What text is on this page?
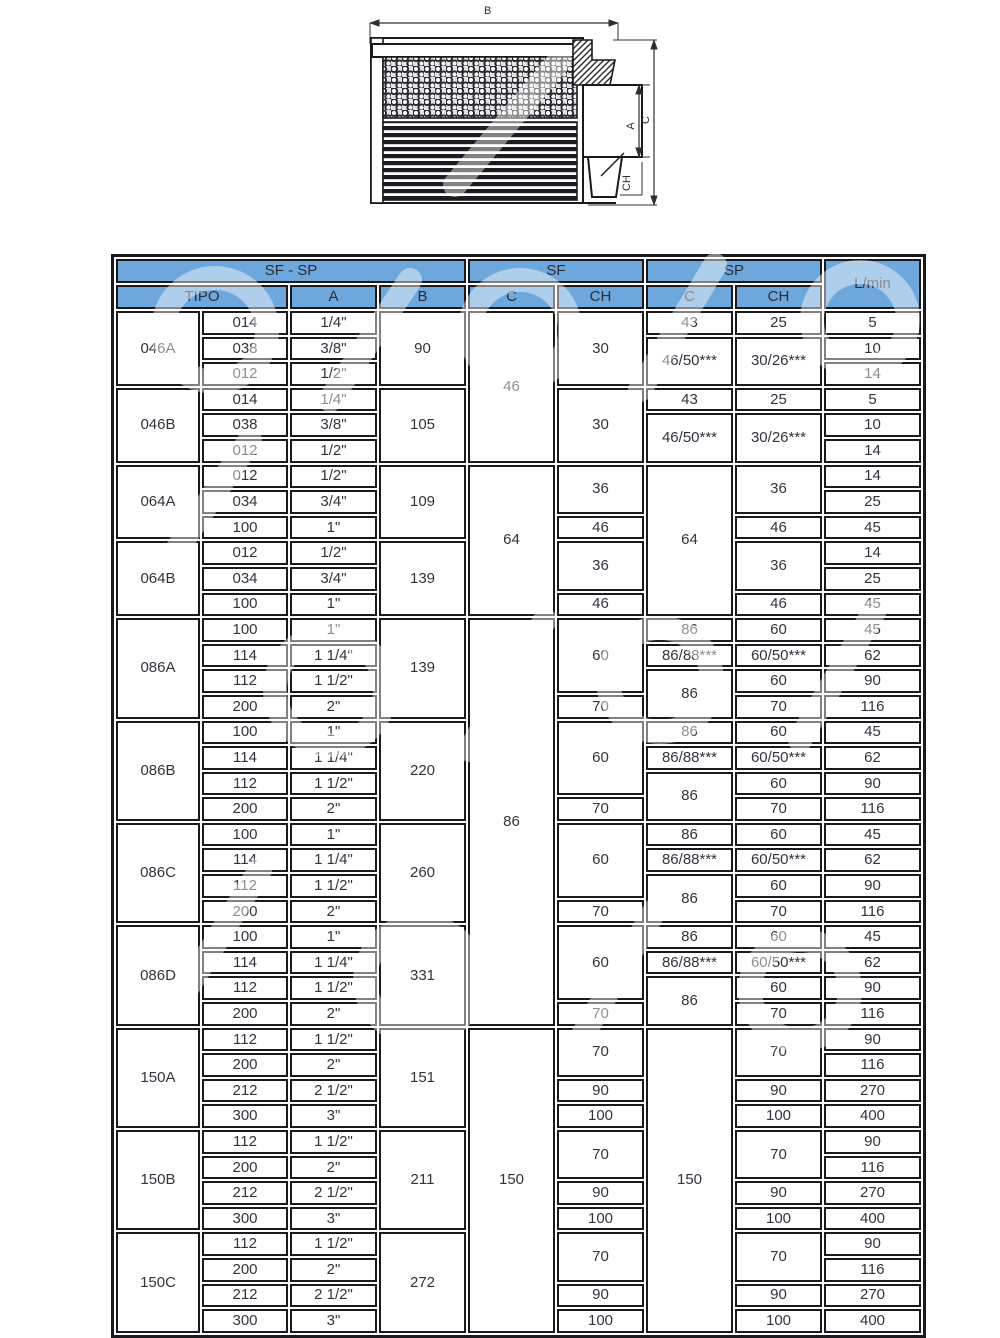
B
A
C
CH
SF - SP				SF		SP		L/min
TIPO		A	B	C	CH	C	CH	
046A	014	1/4"	90	46	30	43	25	5
	038	3/8"				46/50***	30/26***	10
	012	1/2"						14
046B	014	1/4"	105		30	43	25	5
	038	3/8"				46/50***	30/26***	10
	012	1/2"						14
064A	012	1/2"	109	64	36	64	36	14
	034	3/4"						25
	100	1"			46		46	45
064B	012	1/2"	139		36		36	14
	034	3/4"						25
	100	1"			46		46	45
086A	100	1"	139	86	60	86	60	45
	114	1 1/4"				86/88***	60/50***	62
	112	1 1/2"				86	60	90
	200	2"			70		70	116
086B	100	1"	220		60	86	60	45
	114	1 1/4"				86/88***	60/50***	62
	112	1 1/2"				86	60	90
	200	2"			70		70	116
086C	100	1"	260		60	86	60	45
	114	1 1/4"				86/88***	60/50***	62
	112	1 1/2"				86	60	90
	200	2"			70		70	116
086D	100	1"	331		60	86	60	45
	114	1 1/4"				86/88***	60/50***	62
	112	1 1/2"				86	60	90
	200	2"			70		70	116
150A	112	1 1/2"	151	150	70	150	70	90
	200	2"						116
	212	2 1/2"			90		90	270
	300	3"			100		100	400
150B	112	1 1/2"	211		70		70	90
	200	2"						116
	212	2 1/2"			90		90	270
	300	3"			100		100	400
150C	112	1 1/2"	272		70		70	90
	200	2"						116
	212	2 1/2"			90		90	270
	300	3"			100		100	400
